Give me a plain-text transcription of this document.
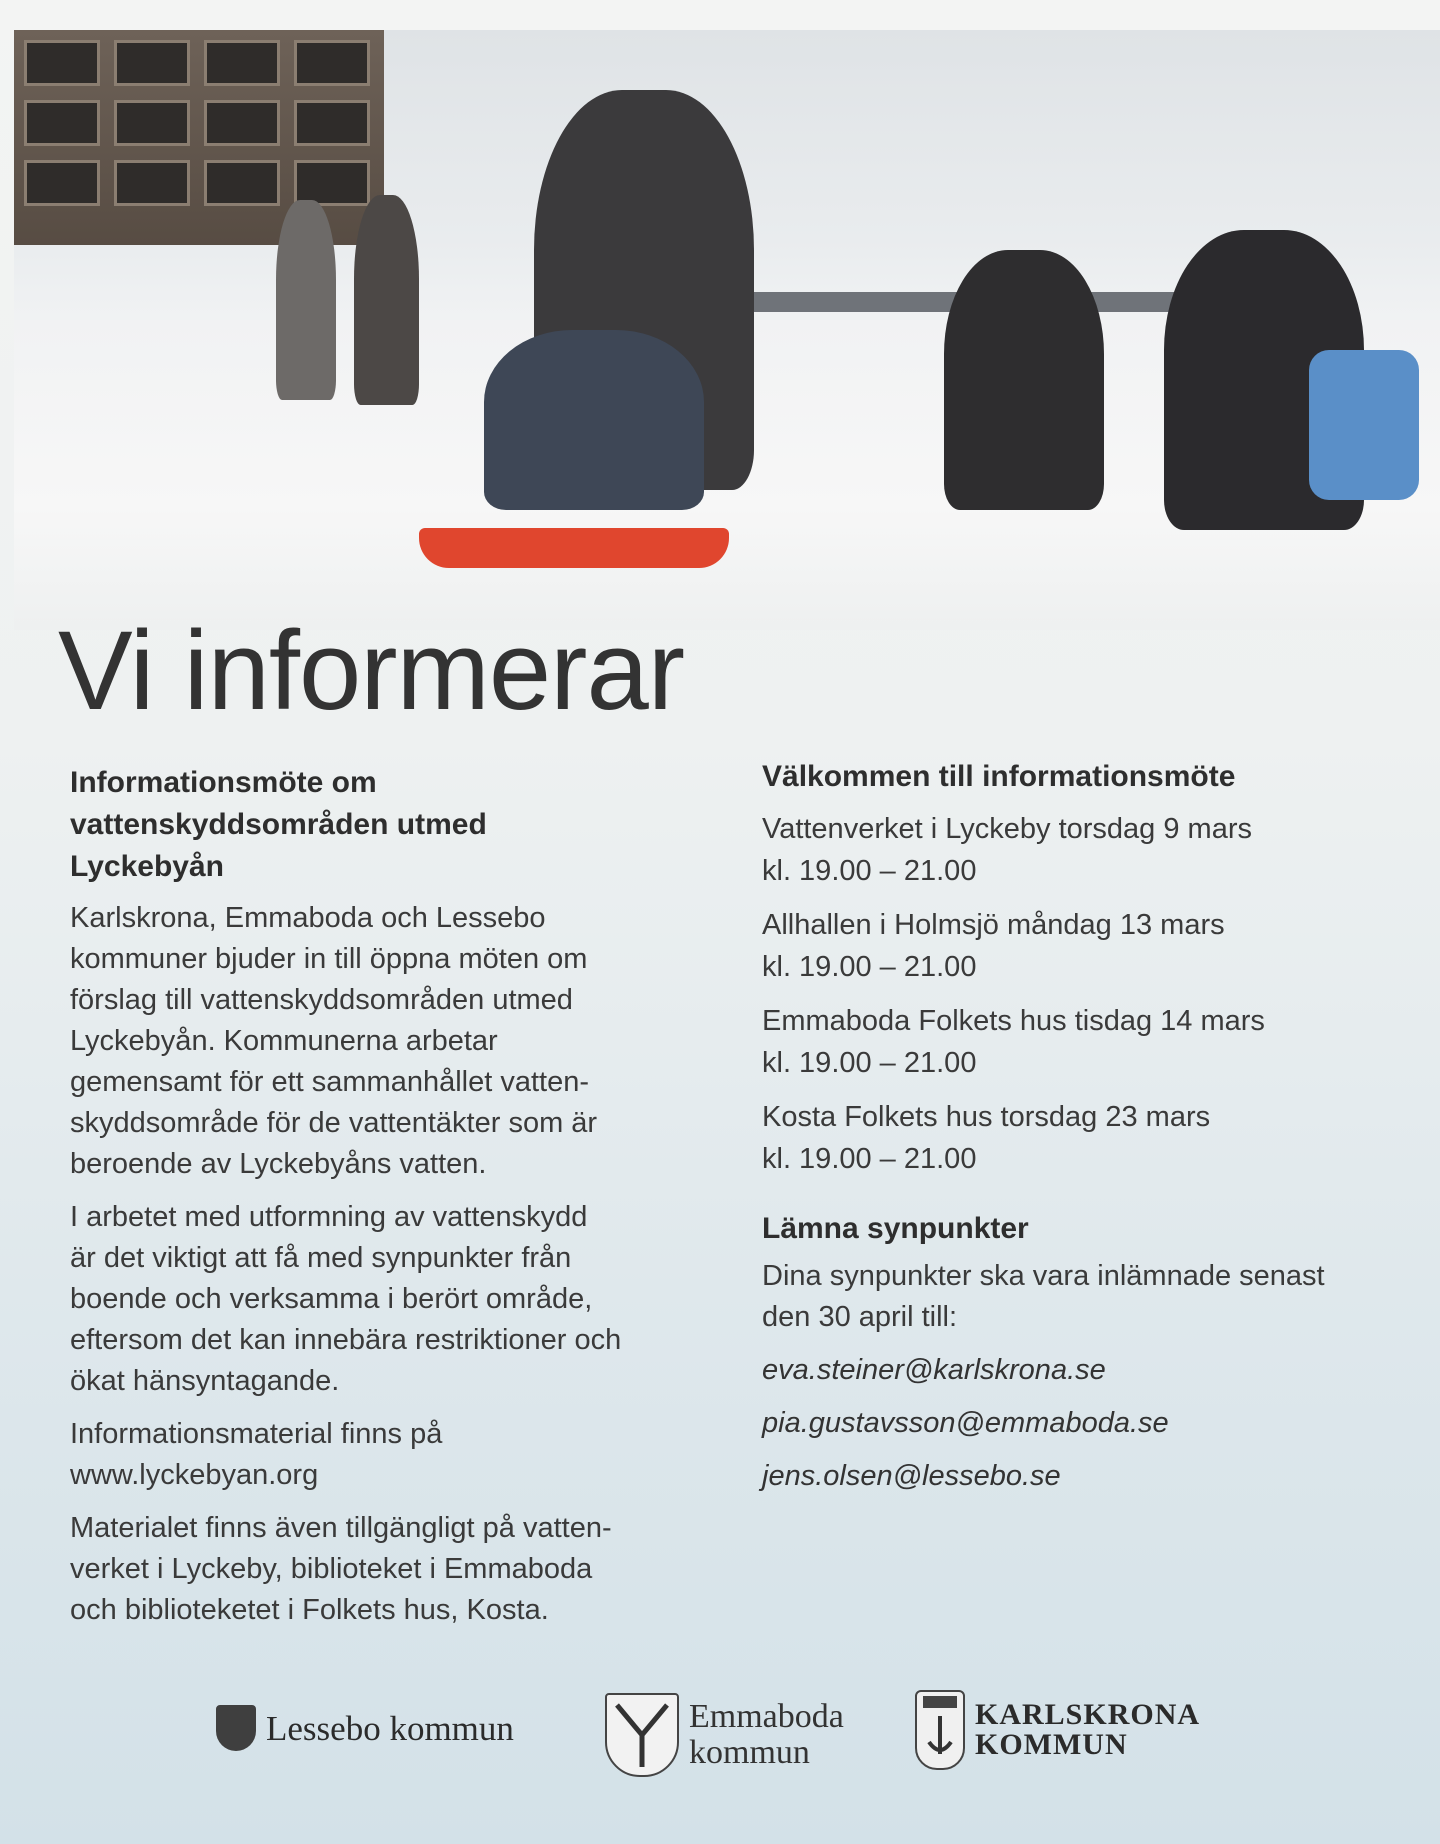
Vi informerar
Informationsmöte om
vattenskyddsområden utmed
Lyckebyån
Karlskrona, Emmaboda och Lessebo
kommuner bjuder in till öppna möten om
förslag till vattenskyddsområden utmed
Lyckebyån. Kommunerna arbetar
gemensamt för ett sammanhållet vatten-
skyddsområde för de vattentäkter som är
beroende av Lyckebyåns vatten.
I arbetet med utformning av vattenskydd
är det viktigt att få med synpunkter från
boende och verksamma i berört område,
eftersom det kan innebära restriktioner och
ökat hänsyntagande.
Informationsmaterial finns på
www.lyckebyan.org
Materialet finns även tillgängligt på vatten-
verket i Lyckeby, biblioteket i Emmaboda
och biblioteketet i Folkets hus, Kosta.
Välkommen till informationsmöte
Vattenverket i Lyckeby torsdag 9 mars
kl. 19.00 – 21.00
Allhallen i Holmsjö måndag 13 mars
kl. 19.00 – 21.00
Emmaboda Folkets hus tisdag 14 mars
kl. 19.00 – 21.00
Kosta Folkets hus torsdag 23 mars
kl. 19.00 – 21.00
Lämna synpunkter
Dina synpunkter ska vara inlämnade senast
den 30 april till:
eva.steiner@karlskrona.se
pia.gustavsson@emmaboda.se
jens.olsen@lessebo.se
Lessebo kommun	Emmaboda
kommun
KARLSKRONA
KOMMUN
